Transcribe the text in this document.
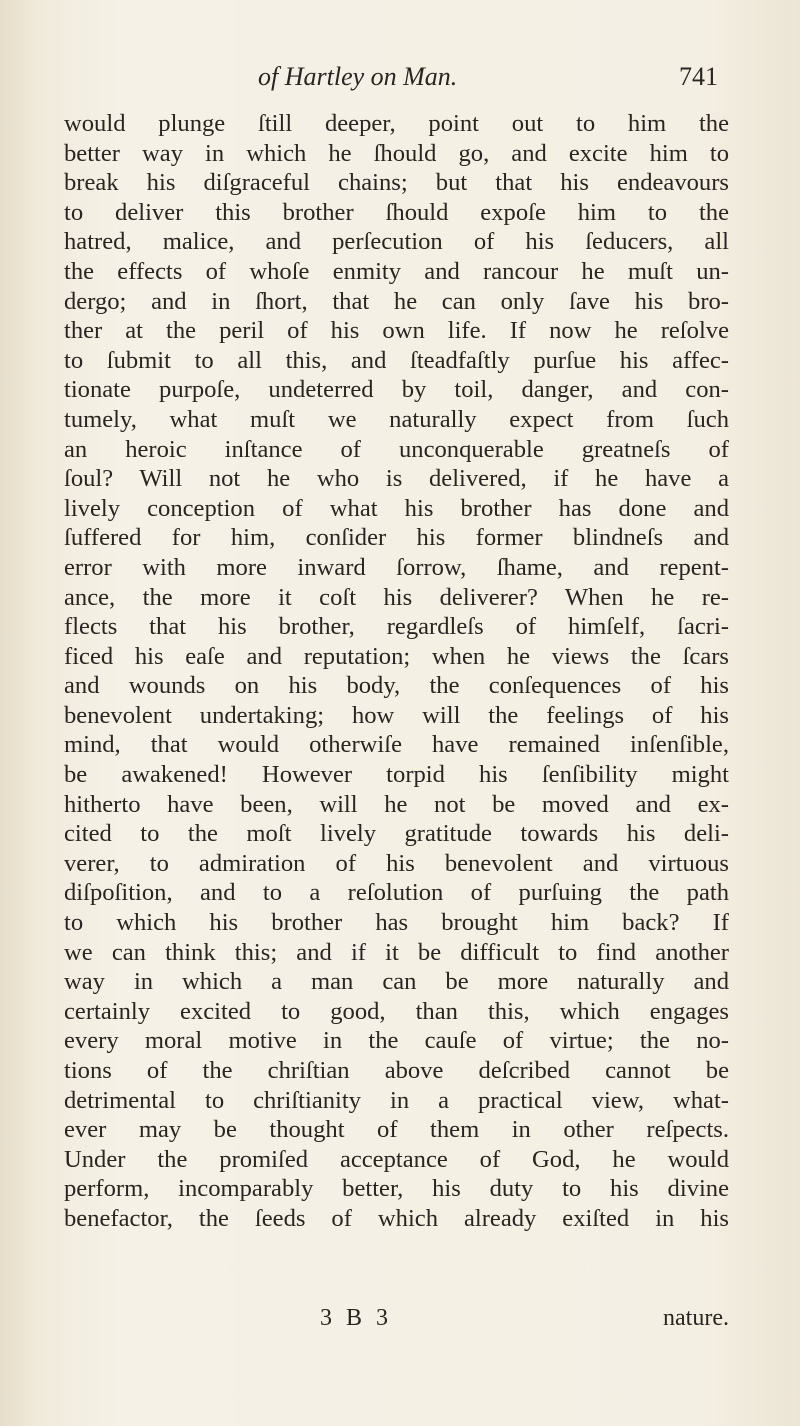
of Hartley on Man.	741
would plunge ſtill deeper, point out to him the
better way in which he ſhould go, and excite him to
break his diſgraceful chains; but that his endeavours
to deliver this brother ſhould expoſe him to the
hatred, malice, and perſecution of his ſeducers, all
the effects of whoſe enmity and rancour he muſt un-
dergo; and in ſhort, that he can only ſave his bro-
ther at the peril of his own life. If now he reſolve
to ſubmit to all this, and ſteadfaſtly purſue his affec-
tionate purpoſe, undeterred by toil, danger, and con-
tumely, what muſt we naturally expect from ſuch
an heroic inſtance of unconquerable greatneſs of
ſoul? Will not he who is delivered, if he have a
lively conception of what his brother has done and
ſuffered for him, conſider his former blindneſs and
error with more inward ſorrow, ſhame, and repent-
ance, the more it coſt his deliverer? When he re-
flects that his brother, regardleſs of himſelf, ſacri-
ficed his eaſe and reputation; when he views the ſcars
and wounds on his body, the conſequences of his
benevolent undertaking; how will the feelings of his
mind, that would otherwiſe have remained inſenſible,
be awakened! However torpid his ſenſibility might
hitherto have been, will he not be moved and ex-
cited to the moſt lively gratitude towards his deli-
verer, to admiration of his benevolent and virtuous
diſpoſition, and to a reſolution of purſuing the path
to which his brother has brought him back? If
we can think this; and if it be difficult to find another
way in which a man can be more naturally and
certainly excited to good, than this, which engages
every moral motive in the cauſe of virtue; the no-
tions of the chriſtian above deſcribed cannot be
detrimental to chriſtianity in a practical view, what-
ever may be thought of them in other reſpects.
Under the promiſed acceptance of God, he would
perform, incomparably better, his duty to his divine
benefactor, the ſeeds of which already exiſted in his
3 B 3	nature.
